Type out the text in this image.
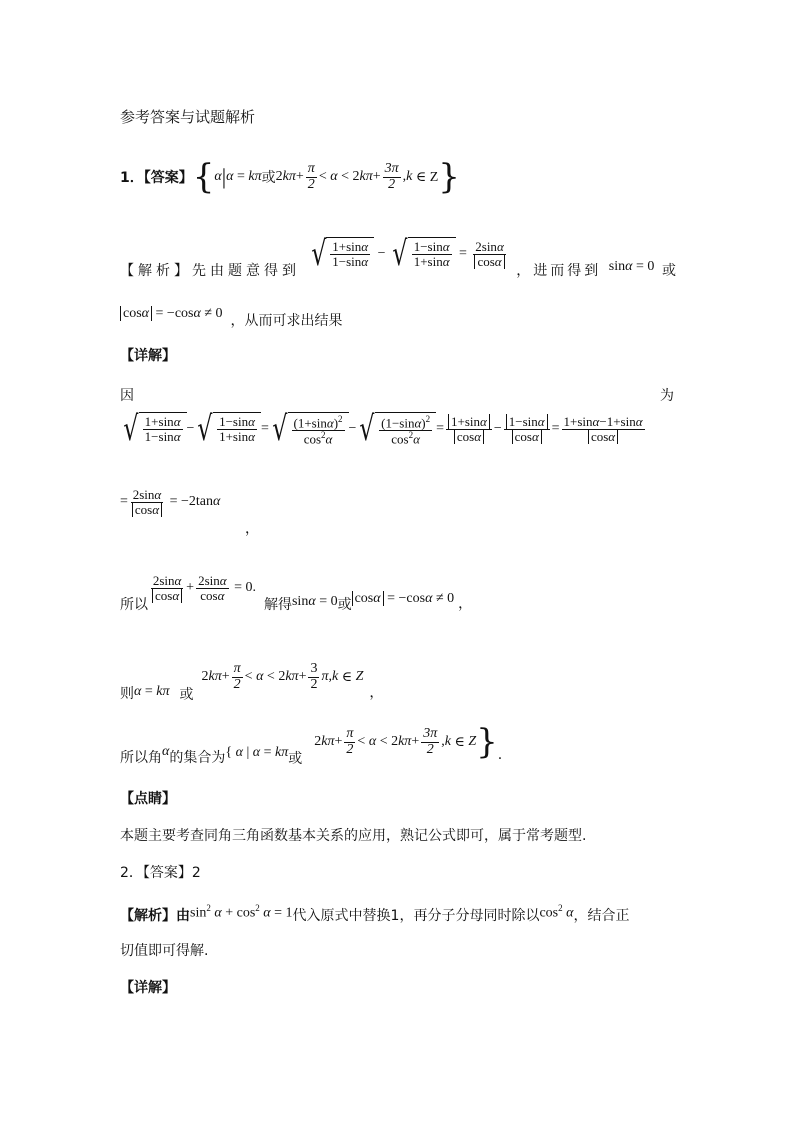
参考答案与试题解析
1．【答案】 { α | α = kπ 或 2 $k\pi + \frac{\pi}{2} < \alpha < 2$ $k\pi + \frac{3\pi}{2}$ , k ∈ Z }
【解析】先由题意得到 √ $\frac{1+\sin\alpha}{1-\sin\alpha}$ − √ $\frac{1-\sin\alpha}{1+\sin\alpha} = \frac{2\sin\alpha}{\cos\alpha}$
，进而得到 sin α = 0 或
cosα = −cosα ≠ 0 ，从而可求出结果
【详解】
因	为
√ $\frac{1+\sin\alpha}{1-\sin\alpha}$ − √ $\frac{1-\sin\alpha}{1+\sin\alpha}$ = √ $\frac{(1+\sin\alpha)^2}{\cos^2\alpha}$ − √ $\frac{(1-\sin\alpha)^2}{\cos^2\alpha} = \frac{1+\sin\alpha}{\cos\alpha} - \frac{1-\sin\alpha}{\cos\alpha} = \frac{1+\sin\alpha-1+\sin\alpha}{\cos\alpha}$
= $\frac{2\sin\alpha}{\cos\alpha} = -2\tan\alpha$
，
所以
$\frac{2\sin\alpha}{\cos\alpha} + \frac{2\sin\alpha}{\cos\alpha} = 0$.
解得 sinα = 0 或 cosα = −cosα ≠ 0 ，
则 α = kπ 或
$2k\pi+ \frac{\pi}{2} < \alpha < 2k\pi+ \frac{3}{2}$ π , k ∈ Z
，
所以角 α 的集合为 { α | α = kπ 或
$2k\pi+ \frac{\pi}{2} < \alpha < 2k\pi+ \frac{3\pi}{2}$ , k ∈ Z } .
【点睛】
本题主要考查同角三角函数基本关系的应用，熟记公式即可，属于常考题型.
2．【答案】2
【解析】由 $\sin^2 \alpha + \cos^2 \alpha = 1$ 代入原式中替换1，再分子分母同时除以 $\cos^2 \alpha$ ，结合正
切值即可得解.
【详解】
